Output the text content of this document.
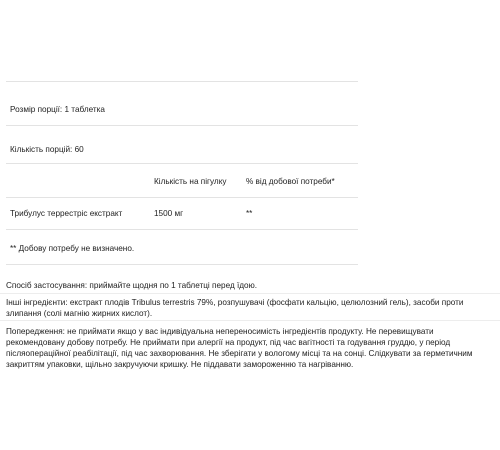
Розмір порції: 1 таблетка
Кількість порцій: 60
Кількість на пігулку % від добової потреби*
Трибулус террестріс екстракт	1500 мг	**
** Добову потребу не визначено.
Спосіб застосування: приймайте щодня по 1 таблетці перед їдою.
Інші інгредієнти: екстракт плодів Tribulus terrestris 79%, розпушувачі (фосфати кальцію, целюлозний гель), засоби проти злипання (солі магнію жирних кислот).
Попередження: не приймати якщо у вас індивідуальна непереносимість інгредієнтів продукту. Не перевищувати рекомендовану добову потребу. Не приймати при алергії на продукт, під час вагітності та годування груддю, у період післяопераційної реабілітації, під час захворювання. Не зберігати у вологому місці та на сонці. Слідкувати за герметичним закриттям упаковки, щільно закручуючи кришку. Не піддавати замороженню та нагріванню.
